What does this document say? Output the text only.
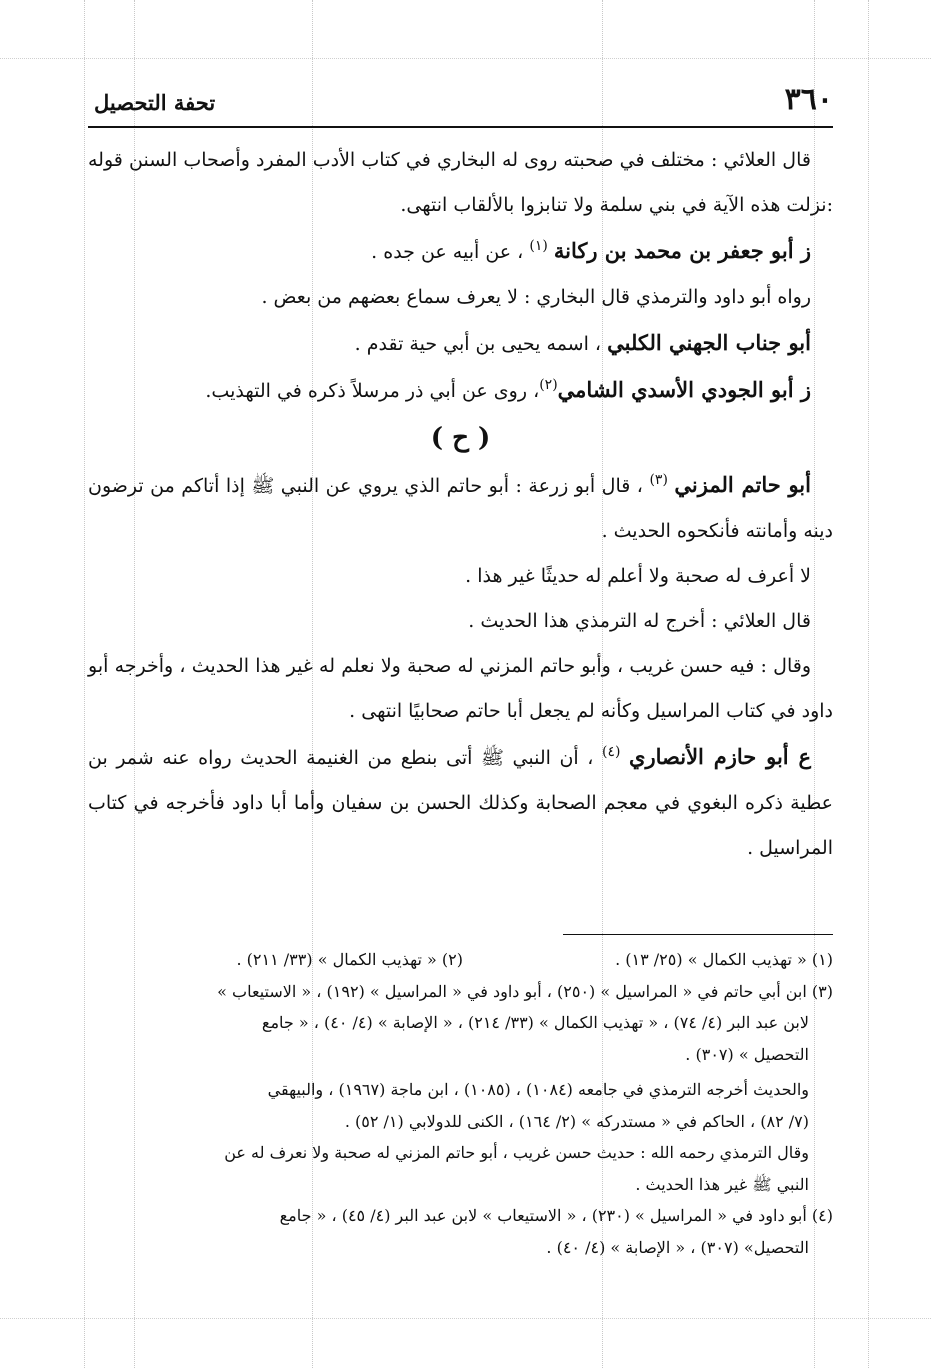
٣٦٠
تحفة التحصيل

قال العلائي : مختلف في صحبته روى له البخاري في كتاب الأدب المفرد وأصحاب السنن قوله :نزلت هذه الآية في بني سلمة ولا تنابزوا بالألقاب انتهى.

ز أبو جعفر بن محمد بن ركانة $^{(١)}$ ، عن أبيه عن جده .

رواه أبو داود والترمذي قال البخاري : لا يعرف سماع بعضهم من بعض .

أبو جناب الجهني الكلبي ، اسمه يحيى بن أبي حية تقدم .

ز أبو الجودي الأسدي الشامي$^{(٢)}$، روى عن أبي ذر مرسلاً ذكره في التهذيب.

( ح )

أبو حاتم المزني $^{(٣)}$ ، قال أبو زرعة : أبو حاتم الذي يروي عن النبي ﷺ إذا أتاكم من ترضون دينه وأمانته فأنكحوه الحديث .

لا أعرف له صحبة ولا أعلم له حديثًا غير هذا .

قال العلائي : أخرج له الترمذي هذا الحديث .

وقال : فيه حسن غريب ، وأبو حاتم المزني له صحبة ولا نعلم له غير هذا الحديث ، وأخرجه أبو داود في كتاب المراسيل وكأنه لم يجعل أبا حاتم صحابيًا انتهى .

ع أبو حازم الأنصاري $^{(٤)}$ ، أن النبي ﷺ أتى بنطع من الغنيمة الحديث رواه عنه شمر بن عطية ذكره البغوي في معجم الصحابة وكذلك الحسن بن سفيان وأما أبا داود فأخرجه في كتاب المراسيل .

(١) « تهذيب الكمال » (٢٥/ ١٣) .
(٢) « تهذيب الكمال » (٣٣/ ٢١١) .

(٣) ابن أبي حاتم في « المراسيل » (٢٥٠) ، أبو داود في « المراسيل » (١٩٢) ، « الاستيعاب »

لابن عبد البر (٤/ ٧٤) ، « تهذيب الكمال » (٣٣/ ٢١٤) ، « الإصابة » (٤/ ٤٠) ، « جامع

التحصيل » (٣٠٧) .

والحديث أخرجه الترمذي في جامعه (١٠٨٤) ، (١٠٨٥) ، ابن ماجة (١٩٦٧) ، والبيهقي

(٧/ ٨٢) ، الحاكم في « مستدركه » (٢/ ١٦٤) ، الكنى للدولابي (١/ ٥٢) .

وقال الترمذي رحمه الله : حديث حسن غريب ، أبو حاتم المزني له صحبة ولا نعرف له عن

النبي ﷺ غير هذا الحديث .

(٤) أبو داود في « المراسيل » (٢٣٠) ، « الاستيعاب » لابن عبد البر (٤/ ٤٥) ، « جامع

التحصيل» (٣٠٧) ، « الإصابة » (٤/ ٤٠) .
